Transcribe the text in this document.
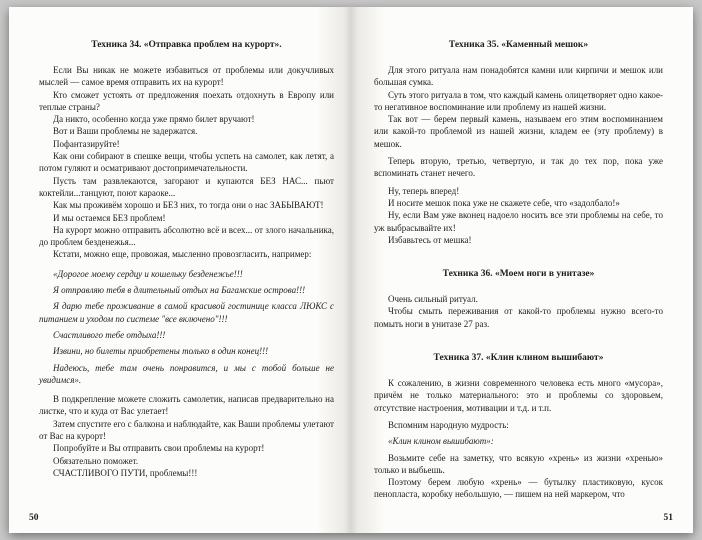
Техника 34. «Отправка проблем на курорт».

Если Вы никак не можете избавиться от проблемы или докучливых мыслей — самое время отправить их на курорт!

Кто сможет устоять от предложения поехать отдохнуть в Европу или теплые страны?

Да никто, особенно когда уже прямо билет вручают!

Вот и Ваши проблемы не задержатся.

Пофантазируйте!

Как они собирают в спешке вещи, чтобы успеть на самолет, как летят, а потом гуляют и осматривают достопримечательности.

Пусть там развлекаются, загорают и купаются БЕЗ НАС... пьют коктейли...танцуют, поют караоке...

Как мы проживём хорошо и БЕЗ них, то тогда они о нас ЗАБЫВАЮТ!

И мы остаемся БЕЗ проблем!

На курорт можно отправить абсолютно всё и всех... от злого начальника, до проблем безденежья...

Кстати, можно еще, провожая, мысленно провозгласить, например:

«Дорогое моему сердцу и кошельку безденежье!!!

Я отправляю тебя в длительный отдых на Багамские острова!!!

Я дарю тебе проживание в самой красивой гостинице класса ЛЮКС с питанием и уходом по системе "все включено"!!!

Счастливого тебе отдыха!!!

Извини, но билеты приобретены только в один конец!!!

Надеюсь, тебе там очень понравится, и мы с тобой больше не увидимся».

В подкрепление можете сложить самолетик, написав предварительно на листке, что и куда от Вас улетает!

Затем спустите его с балкона и наблюдайте, как Ваши проблемы улетают от Вас на курорт!

Попробуйте и Вы отправить свои проблемы на курорт!

Обязательно поможет.

СЧАСТЛИВОГО ПУТИ, проблемы!!!

50
Техника 35. «Каменный мешок»

Для этого ритуала нам понадобятся камни или кирпичи и мешок или большая сумка.

Суть этого ритуала в том, что каждый камень олицетворяет одно какое-то негативное воспоминание или проблему из нашей жизни.

Так вот — берем первый камень, называем его этим воспоминанием или какой-то проблемой из нашей жизни, кладем ее (эту проблему) в мешок.

Теперь вторую, третью, четвертую, и так до тех пор, пока уже вспоминать станет нечего.

Ну, теперь вперед!

И носите мешок пока уже не скажете себе, что «задолбало!»

Ну, если Вам уже вконец надоело носить все эти проблемы на себе, то уж выбрасывайте их!

Избавьтесь от мешка!

Техника 36. «Моем ноги в унитазе»

Очень сильный ритуал.

Чтобы смыть переживания от какой-то проблемы нужно всего-то помыть ноги в унитазе 27 раз.

Техника 37. «Клин клином вышибают»

К сожалению, в жизни современного человека есть много «мусора», причём не только материального: это и проблемы со здоровьем, отсутствие настроения, мотивации и т.д. и т.п.

Вспомним народную мудрость:

«Клин клином вышибают»:

Возьмите себе на заметку, что всякую «хрень» из жизни «хренью» только и выбьешь.

Поэтому берем любую «хрень» — бутылку пластиковую, кусок пенопласта, коробку небольшую, — пишем на ней маркером, что

51
